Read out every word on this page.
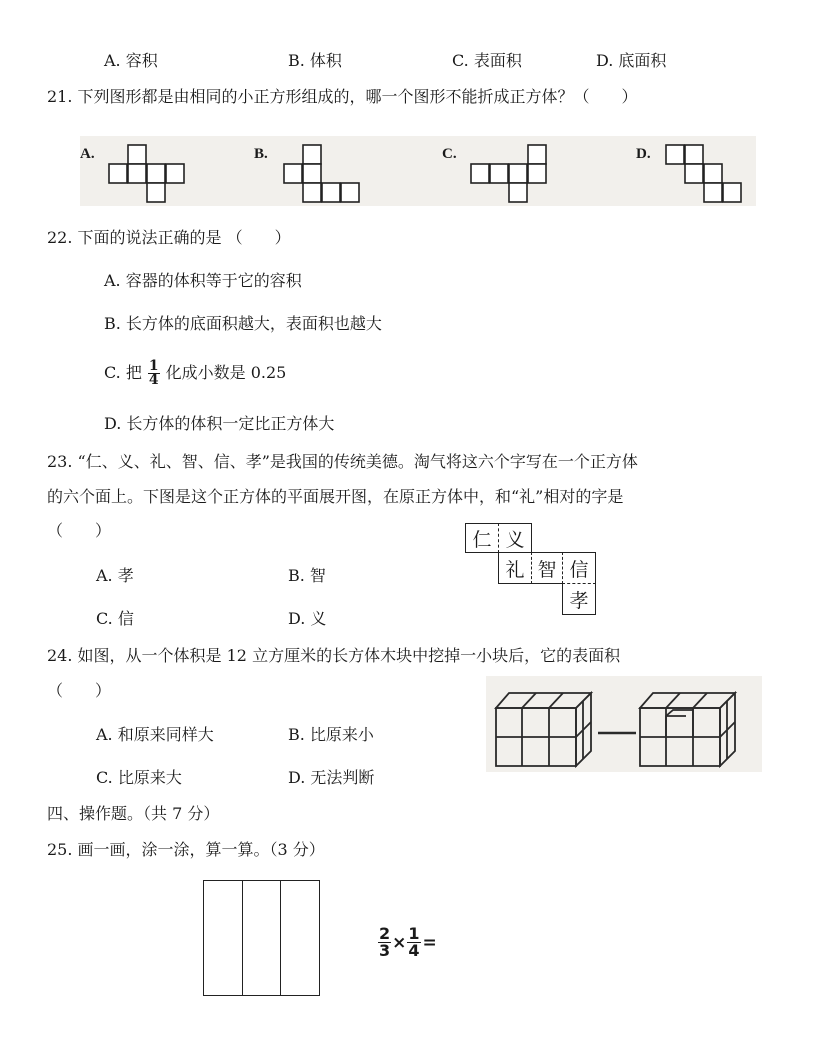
A. 容积	B. 体积	C. 表面积	D. 底面积
21. 下列图形都是由相同的小正方形组成的，哪一个图形不能折成正方体？（　　）
A.	B.	C.	D.
22. 下面的说法正确的是 （　　）
A. 容器的体积等于它的容积
B. 长方体的底面积越大，表面积也越大
C. 把 $\frac{1}{4}$ 化成小数是 0.25
D. 长方体的体积一定比正方体大
23. “仁、义、礼、智、信、孝”是我国的传统美德。淘气将这六个字写在一个正方体
的六个面上。下图是这个正方体的平面展开图，在原正方体中，和“礼”相对的字是
（　　）	仁 义
礼 智 信
孝
A. 孝	B. 智
C. 信	D. 义
24. 如图，从一个体积是 12 立方厘米的长方体木块中挖掉一小块后，它的表面积
（　　）
A. 和原来同样大	B. 比原来小
C. 比原来大	D. 无法判断
四、操作题。（共 7 分）
25. 画一画，涂一涂，算一算。（3 分）
$\frac{2}{3} \times \frac{1}{4}$ =
